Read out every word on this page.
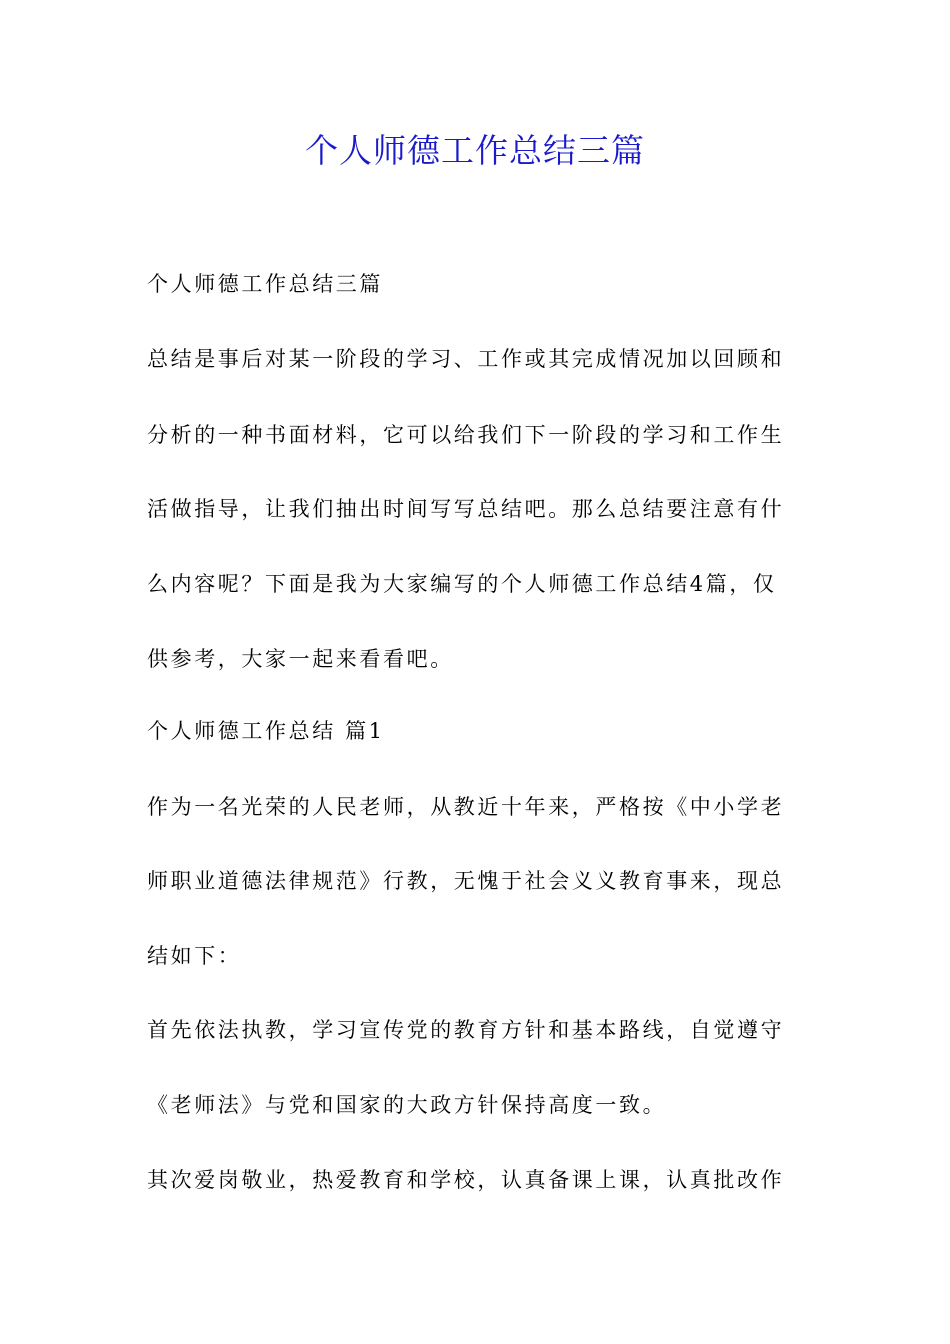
个人师德工作总结三篇
个人师德工作总结三篇
总结是事后对某一阶段的学习、工作或其完成情况加以回顾和
分析的一种书面材料，它可以给我们下一阶段的学习和工作生
活做指导，让我们抽出时间写写总结吧。那么总结要注意有什
么内容呢？下面是我为大家编写的个人师德工作总结4篇，仅
供参考，大家一起来看看吧。
个人师德工作总结 篇1
作为一名光荣的人民老师，从教近十年来，严格按《中小学老
师职业道德法律规范》行教，无愧于社会义义教育事来，现总
结如下：
首先依法执教，学习宣传党的教育方针和基本路线，自觉遵守
《老师法》与党和国家的大政方针保持高度一致。
其次爱岗敬业，热爱教育和学校，认真备课上课，认真批改作
